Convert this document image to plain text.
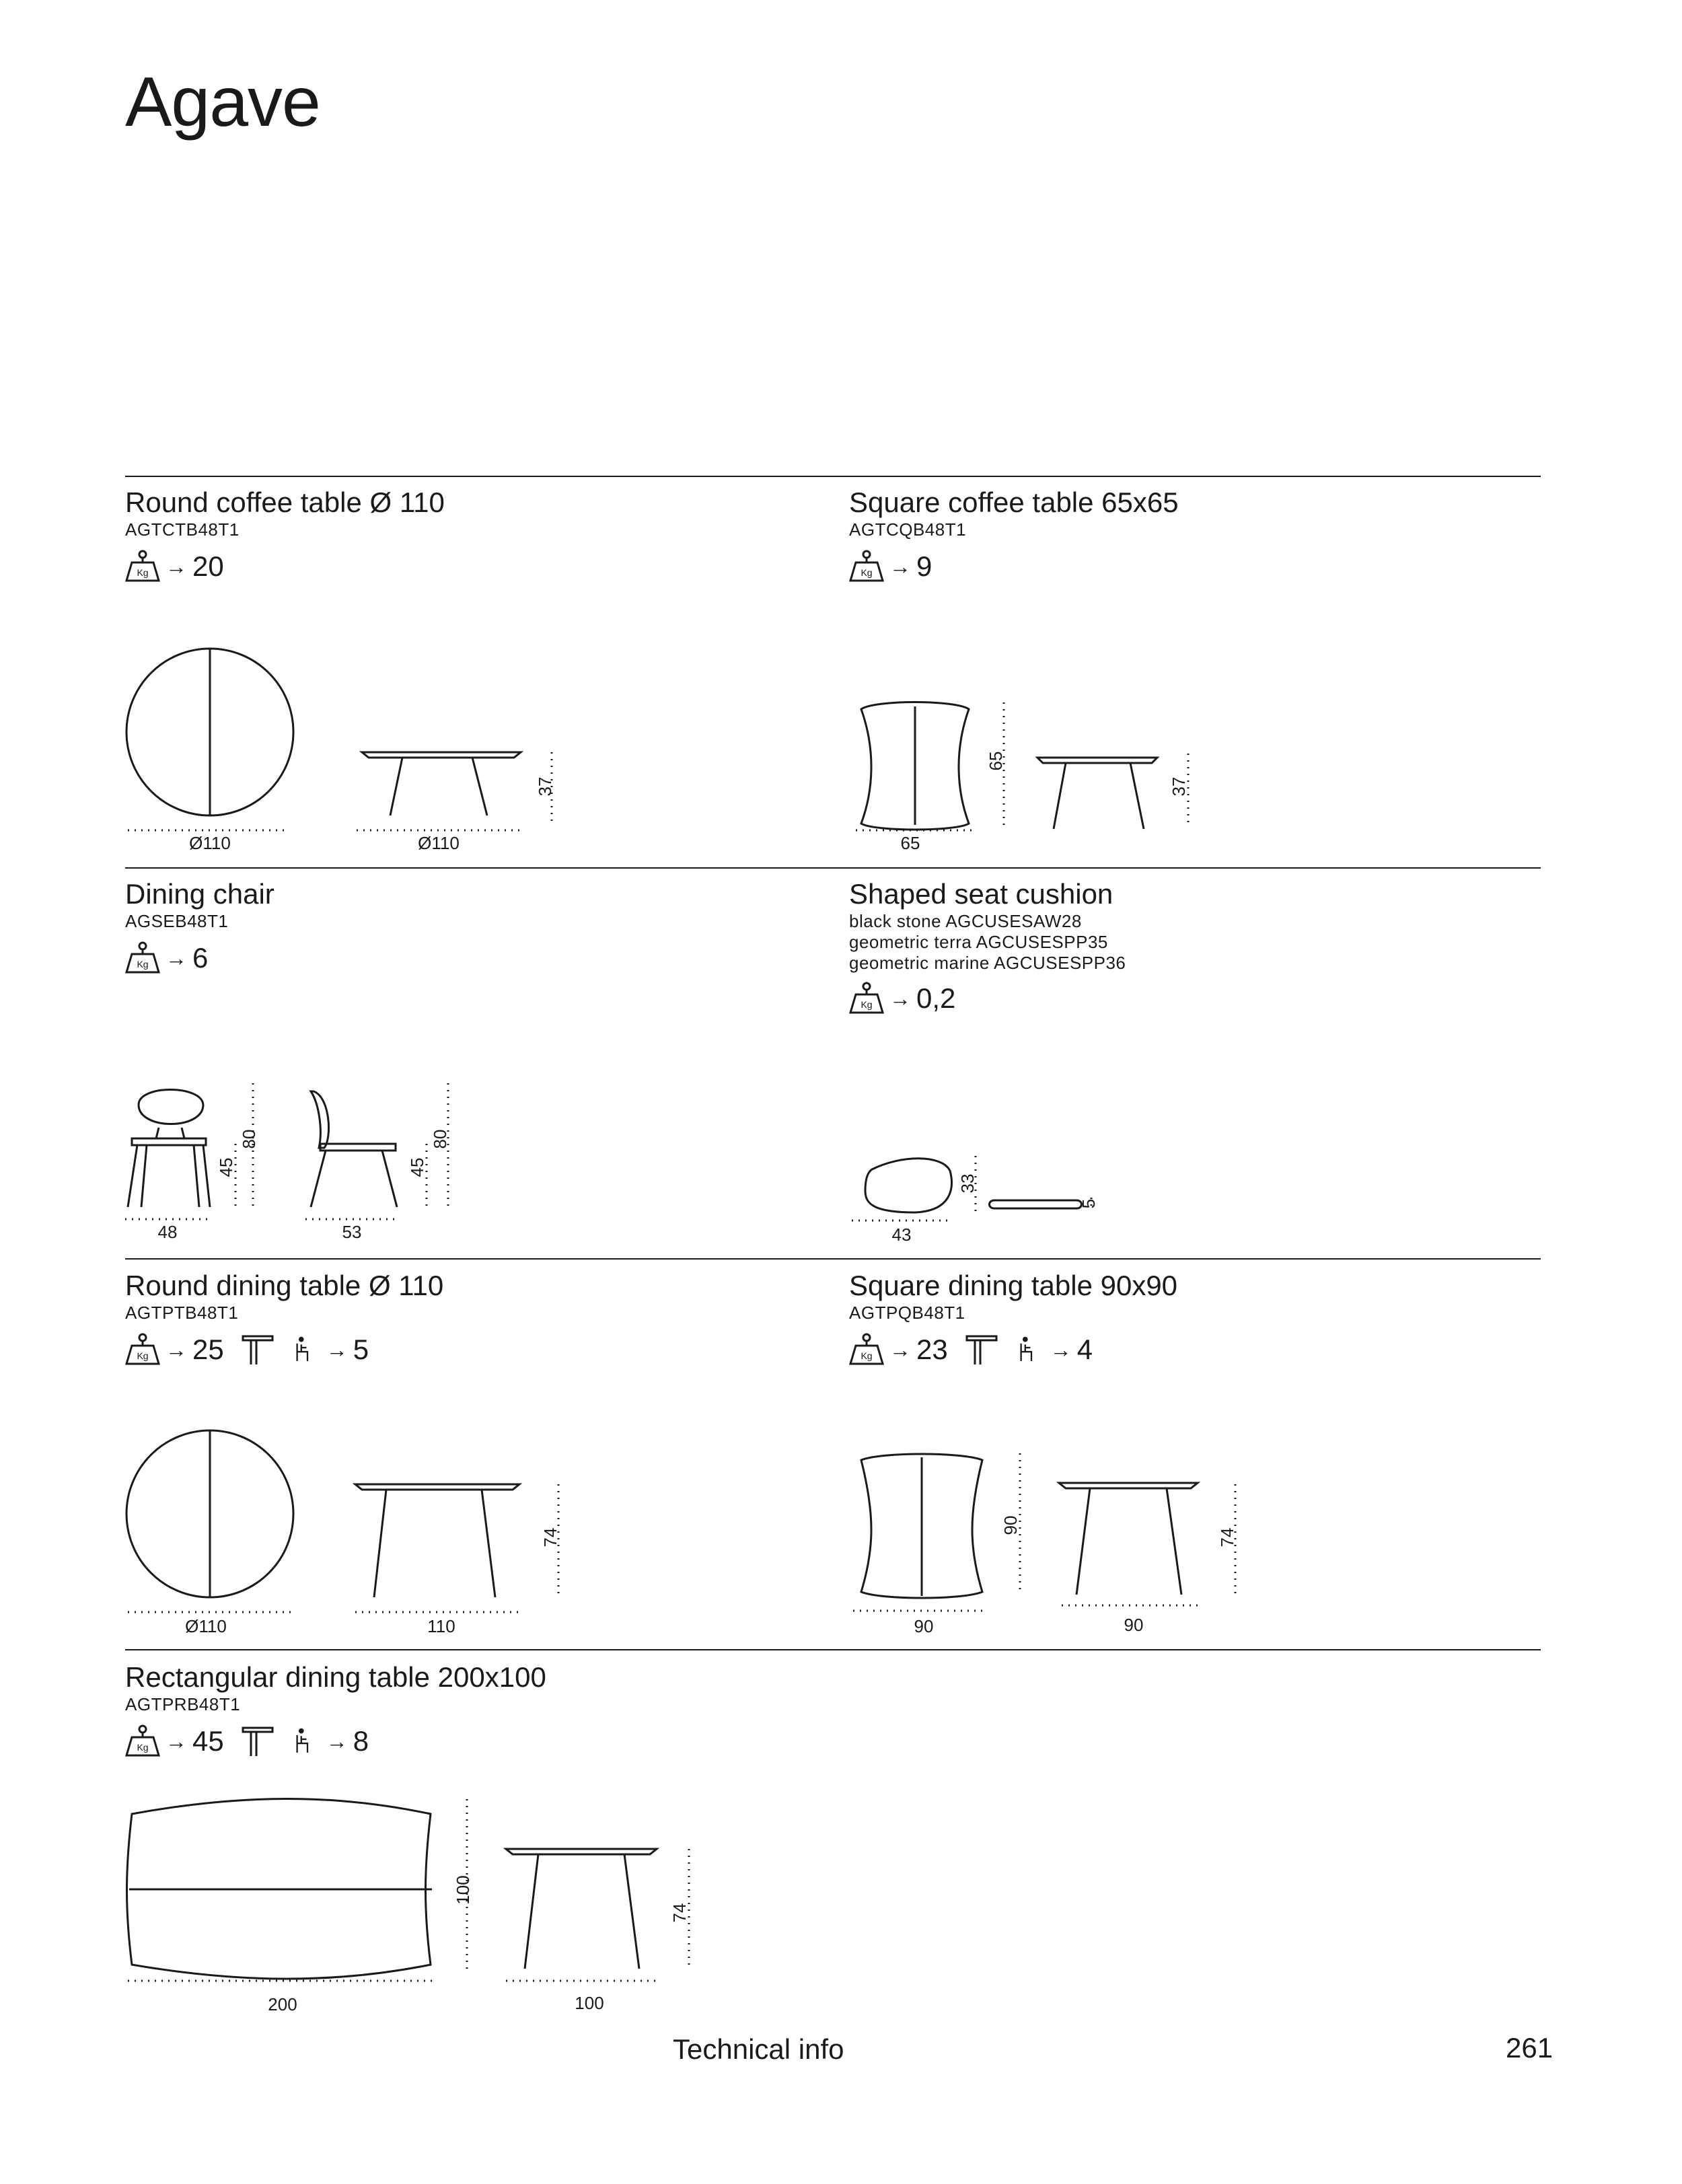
Agave
Round coffee table Ø 110
AGTCTB48T1
→ 20
Ø110	Ø110
37
Square coffee table 65x65
AGTCQB48T1
→ 9
65
65
37
Dining chair
AGSEB48T1
→ 6
48	53
45
80
45
80
Shaped seat cushion
black stone AGCUSESAW28
geometric terra AGCUSESPP35
geometric marine AGCUSESPP36
→ 0,2
43
33
5
Round dining table Ø 110
AGTPTB48T1
→ 25	→ 5
Ø110	110
74
Square dining table 90x90
AGTPQB48T1
→ 23	→ 4
90
90
90
74
Rectangular dining table 200x100
AGTPRB48T1
→ 45	→ 8
200
100
100
74
Technical info	261
